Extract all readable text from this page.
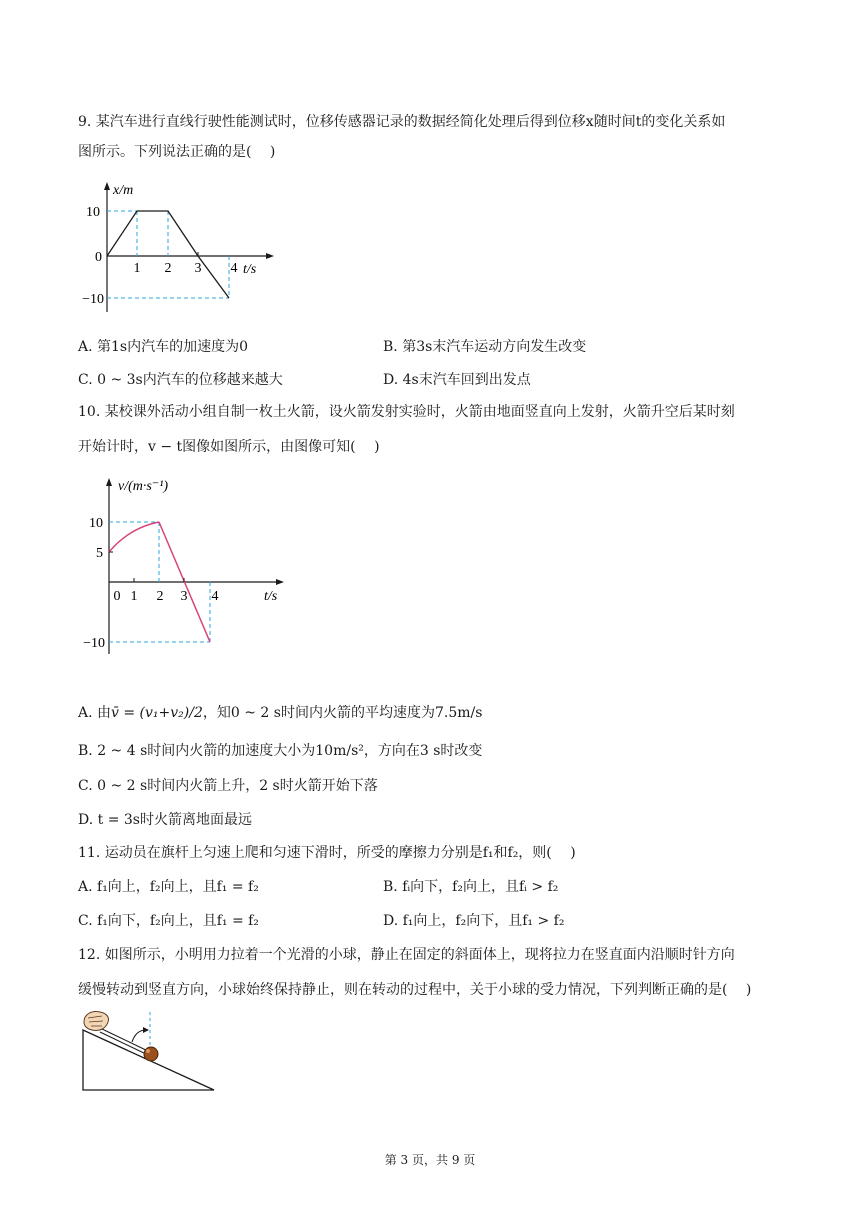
9. 某汽车进行直线行驶性能测试时，位移传感器记录的数据经简化处理后得到位移x随时间t的变化关系如
图所示。下列说法正确的是(　 )
x/m
t/s
10
0
−10
1 2 3 4
A. 第1s内汽车的加速度为0	B. 第3s末汽车运动方向发生改变
C. 0 ~ 3s内汽车的位移越来越大	D. 4s末汽车回到出发点
10. 某校课外活动小组自制一枚土火箭，设火箭发射实验时，火箭由地面竖直向上发射，火箭升空后某时刻
开始计时，v − t图像如图所示，由图像可知(　 )
v/(m·s⁻¹)
t/s
10
5
−10
0 1 2 3 4
A. 由v̄ = (v₁+v₂)/2，知0 ~ 2 s时间内火箭的平均速度为7.5m/s
B. 2 ~ 4 s时间内火箭的加速度大小为10m/s²，方向在3 s时改变
C. 0 ~ 2 s时间内火箭上升，2 s时火箭开始下落
D. t = 3s时火箭离地面最远
11. 运动员在旗杆上匀速上爬和匀速下滑时，所受的摩擦力分别是f₁和f₂，则(　 )
A. f₁向上，f₂向上，且f₁ = f₂	B. fᵢ向下，f₂向上，且fᵢ > f₂
C. f₁向下，f₂向上，且f₁ = f₂	D. f₁向上，f₂向下，且f₁ > f₂
12. 如图所示，小明用力拉着一个光滑的小球，静止在固定的斜面体上，现将拉力在竖直面内沿顺时针方向
缓慢转动到竖直方向，小球始终保持静止，则在转动的过程中，关于小球的受力情况，下列判断正确的是(　 )
第 3 页，共 9 页
